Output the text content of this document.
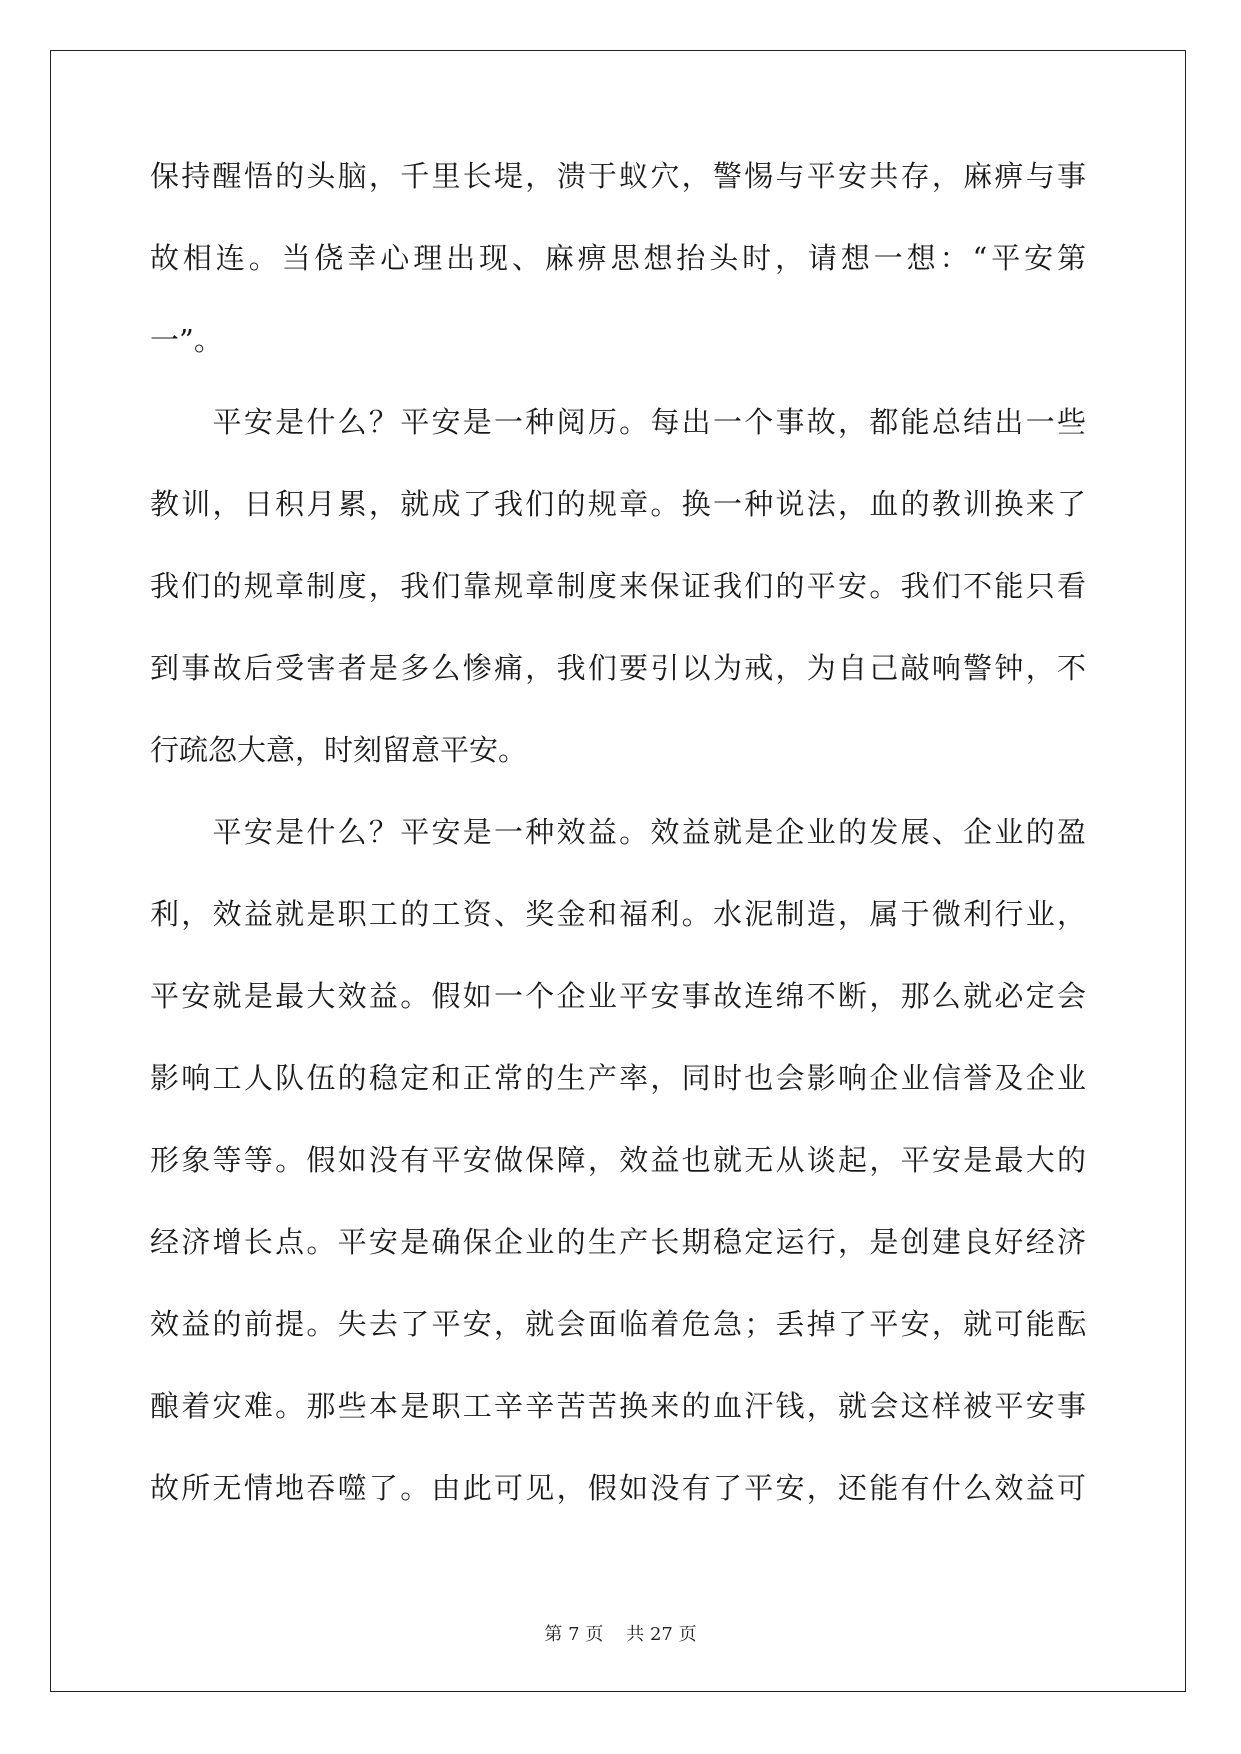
保持醒悟的头脑，千里长堤，溃于蚁穴，警惕与平安共存，麻痹与事
故相连。当侥幸心理出现、麻痹思想抬头时，请想一想：“平安第
一”。
　　平安是什么？平安是一种阅历。每出一个事故，都能总结出一些
教训，日积月累，就成了我们的规章。换一种说法，血的教训换来了
我们的规章制度，我们靠规章制度来保证我们的平安。我们不能只看
到事故后受害者是多么惨痛，我们要引以为戒，为自己敲响警钟，不
行疏忽大意，时刻留意平安。
　　平安是什么？平安是一种效益。效益就是企业的发展、企业的盈
利，效益就是职工的工资、奖金和福利。水泥制造，属于微利行业，
平安就是最大效益。假如一个企业平安事故连绵不断，那么就必定会
影响工人队伍的稳定和正常的生产率，同时也会影响企业信誉及企业
形象等等。假如没有平安做保障，效益也就无从谈起，平安是最大的
经济增长点。平安是确保企业的生产长期稳定运行，是创建良好经济
效益的前提。失去了平安，就会面临着危急；丢掉了平安，就可能酝
酿着灾难。那些本是职工辛辛苦苦换来的血汗钱，就会这样被平安事
故所无情地吞噬了。由此可见，假如没有了平安，还能有什么效益可
第 7 页 共 27 页
